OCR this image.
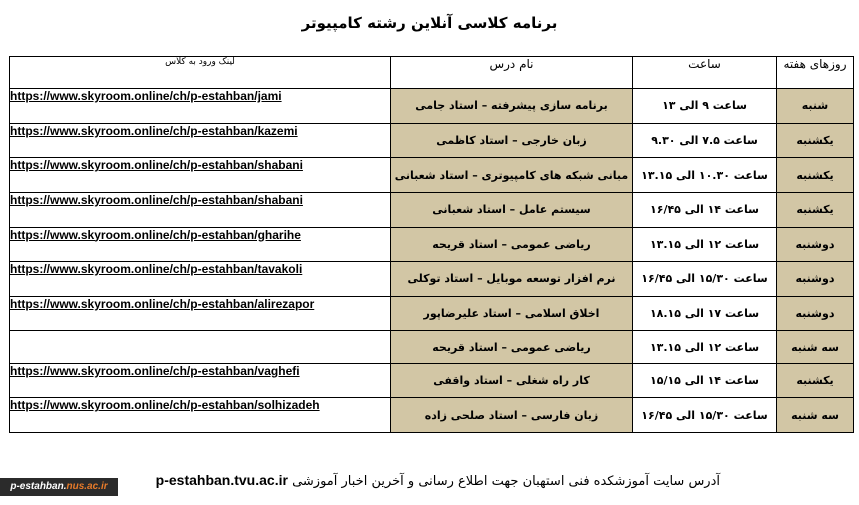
برنامه کلاسی آنلاین رشته کامپیوتر
لینک ورود به کلاس	نام درس	ساعت	روزهای هفته
https://www.skyroom.online/ch/p-estahban/jami	برنامه سازی پیشرفته – استاد جامی	ساعت ۹ الی ۱۳	شنبه
https://www.skyroom.online/ch/p-estahban/kazemi	زبان خارجی – استاد کاظمی	ساعت ۷.۵ الی ۹.۳۰	یکشنبه
https://www.skyroom.online/ch/p-estahban/shabani	مبانی شبکه های کامپیوتری – استاد شعبانی	ساعت ۱۰.۳۰ الی ۱۳.۱۵	یکشنبه
https://www.skyroom.online/ch/p-estahban/shabani	سیستم عامل – استاد شعبانی	ساعت ۱۴ الی ۱۶/۴۵	یکشنبه
https://www.skyroom.online/ch/p-estahban/gharihe	ریاضی عمومی – استاد قریحه	ساعت ۱۲ الی ۱۳.۱۵	دوشنبه
https://www.skyroom.online/ch/p-estahban/tavakoli	نرم افزار توسعه موبایل – استاد توکلی	ساعت ۱۵/۳۰ الی ۱۶/۴۵	دوشنبه
https://www.skyroom.online/ch/p-estahban/alirezapor	اخلاق اسلامی – استاد علیرضاپور	ساعت ۱۷ الی ۱۸.۱۵	دوشنبه
	ریاضی عمومی – استاد قریحه	ساعت ۱۲ الی ۱۳.۱۵	سه شنبه
https://www.skyroom.online/ch/p-estahban/vaghefi	کار راه شغلی – استاد واقفی	ساعت ۱۴ الی ۱۵/۱۵	یکشنبه
https://www.skyroom.online/ch/p-estahban/solhizadeh	زبان فارسی – استاد صلحی زاده	ساعت ۱۵/۳۰ الی ۱۶/۴۵	سه شنبه
آدرس سایت آموزشکده فنی استهبان جهت اطلاع رسانی و آخرین اخبار آموزشی p-estahban.tvu.ac.ir
p-estahban.nus.ac.ir
